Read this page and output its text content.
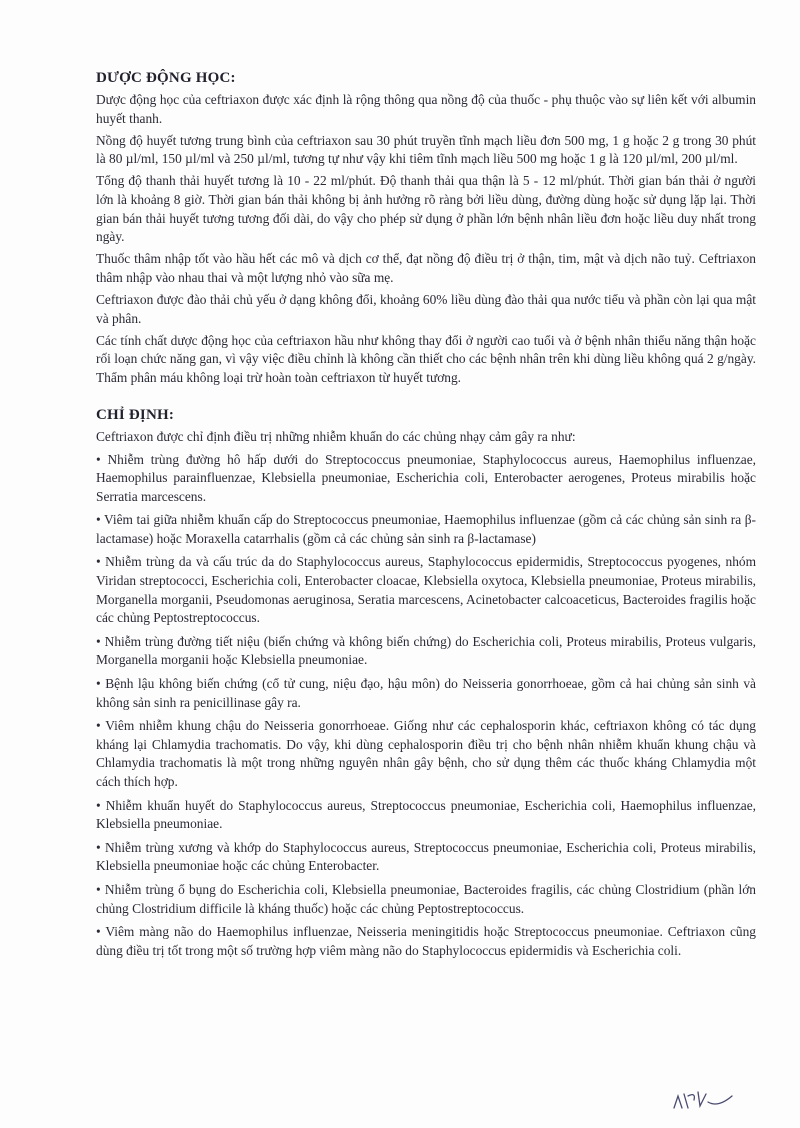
DƯỢC ĐỘNG HỌC:

Dược động học của ceftriaxon được xác định là rộng thông qua nồng độ của thuốc - phụ thuộc vào sự liên kết với albumin huyết thanh.

Nồng độ huyết tương trung bình của ceftriaxon sau 30 phút truyền tĩnh mạch liều đơn 500 mg, 1 g hoặc 2 g trong 30 phút là 80 µl/ml, 150 µl/ml và 250 µl/ml, tương tự như vậy khi tiêm tĩnh mạch liều 500 mg hoặc 1 g là 120 µl/ml, 200 µl/ml.

Tổng độ thanh thải huyết tương là 10 - 22 ml/phút. Độ thanh thải qua thận là 5 - 12 ml/phút. Thời gian bán thải ở người lớn là khoảng 8 giờ. Thời gian bán thải không bị ảnh hưởng rõ ràng bởi liều dùng, đường dùng hoặc sử dụng lặp lại. Thời gian bán thải huyết tương tương đối dài, do vậy cho phép sử dụng ở phần lớn bệnh nhân liều đơn hoặc liều duy nhất trong ngày.

Thuốc thâm nhập tốt vào hầu hết các mô và dịch cơ thể, đạt nồng độ điều trị ở thận, tim, mật và dịch não tuỷ. Ceftriaxon thâm nhập vào nhau thai và một lượng nhỏ vào sữa mẹ.

Ceftriaxon được đào thải chủ yếu ở dạng không đổi, khoảng 60% liều dùng đào thải qua nước tiểu và phần còn lại qua mật và phân.

Các tính chất dược động học của ceftriaxon hầu như không thay đổi ở người cao tuổi và ở bệnh nhân thiểu năng thận hoặc rối loạn chức năng gan, vì vậy việc điều chỉnh là không cần thiết cho các bệnh nhân trên khi dùng liều không quá 2 g/ngày. Thẩm phân máu không loại trừ hoàn toàn ceftriaxon từ huyết tương.

CHỈ ĐỊNH:

Ceftriaxon được chỉ định điều trị những nhiễm khuẩn do các chủng nhạy cảm gây ra như:

• Nhiễm trùng đường hô hấp dưới do Streptococcus pneumoniae, Staphylococcus aureus, Haemophilus influenzae, Haemophilus parainfluenzae, Klebsiella pneumoniae, Escherichia coli, Enterobacter aerogenes, Proteus mirabilis hoặc Serratia marcescens.

• Viêm tai giữa nhiễm khuẩn cấp do Streptococcus pneumoniae, Haemophilus influenzae (gồm cả các chủng sản sinh ra β-lactamase) hoặc Moraxella catarrhalis (gồm cả các chủng sản sinh ra β-lactamase)

• Nhiễm trùng da và cấu trúc da do Staphylococcus aureus, Staphylococcus epidermidis, Streptococcus pyogenes, nhóm Viridan streptococci, Escherichia coli, Enterobacter cloacae, Klebsiella oxytoca, Klebsiella pneumoniae, Proteus mirabilis, Morganella morganii, Pseudomonas aeruginosa, Seratia marcescens, Acinetobacter calcoaceticus, Bacteroides fragilis hoặc các chủng Peptostreptococcus.

• Nhiễm trùng đường tiết niệu (biến chứng và không biến chứng) do Escherichia coli, Proteus mirabilis, Proteus vulgaris, Morganella morganii hoặc Klebsiella pneumoniae.

• Bệnh lậu không biến chứng (cổ tử cung, niệu đạo, hậu môn) do Neisseria gonorrhoeae, gồm cả hai chủng sản sinh và không sản sinh ra penicillinase gây ra.

• Viêm nhiễm khung chậu do Neisseria gonorrhoeae. Giống như các cephalosporin khác, ceftriaxon không có tác dụng kháng lại Chlamydia trachomatis. Do vậy, khi dùng cephalosporin điều trị cho bệnh nhân nhiễm khuẩn khung chậu và Chlamydia trachomatis là một trong những nguyên nhân gây bệnh, cho sử dụng thêm các thuốc kháng Chlamydia một cách thích hợp.

• Nhiễm khuẩn huyết do Staphylococcus aureus, Streptococcus pneumoniae, Escherichia coli, Haemophilus influenzae, Klebsiella pneumoniae.

• Nhiễm trùng xương và khớp do Staphylococcus aureus, Streptococcus pneumoniae, Escherichia coli, Proteus mirabilis, Klebsiella pneumoniae hoặc các chủng Enterobacter.

• Nhiễm trùng ổ bụng do Escherichia coli, Klebsiella pneumoniae, Bacteroides fragilis, các chủng Clostridium (phần lớn chủng Clostridium difficile là kháng thuốc) hoặc các chủng Peptostreptococcus.

• Viêm màng não do Haemophilus influenzae, Neisseria meningitidis hoặc Streptococcus pneumoniae. Ceftriaxon cũng dùng điều trị tốt trong một số trường hợp viêm màng não do Staphylococcus epidermidis và Escherichia coli.
